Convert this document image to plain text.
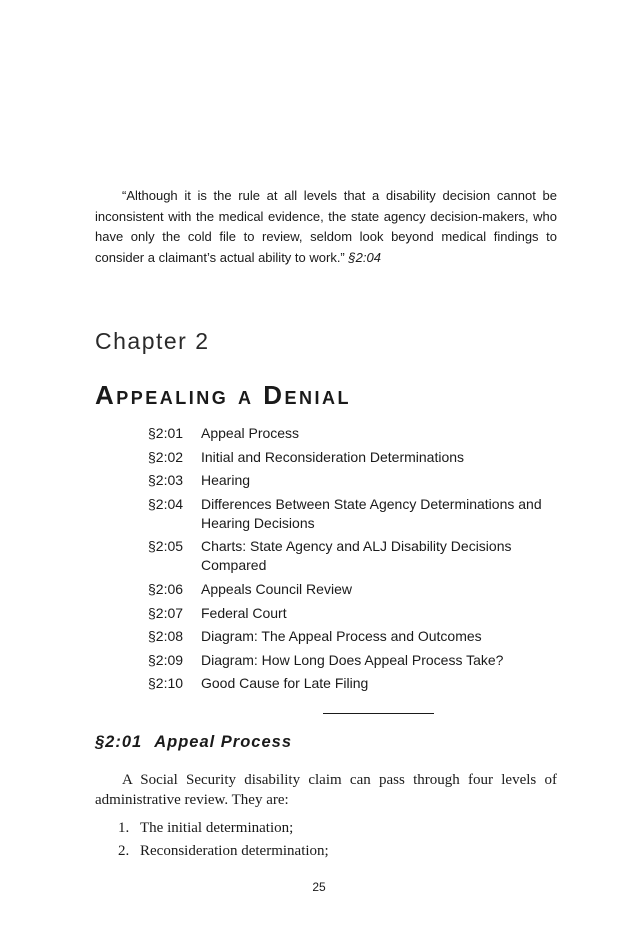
“Although it is the rule at all levels that a disability decision cannot be inconsistent with the medical evidence, the state agency decision-makers, who have only the cold file to review, seldom look beyond medical findings to consider a claimant’s actual ability to work.” §2:04

Chapter 2
Appealing a Denial
§2:01	Appeal Process
§2:02	Initial and Reconsideration Determinations
§2:03	Hearing
§2:04	Differences Between State Agency Determinations and Hearing Decisions
§2:05	Charts: State Agency and ALJ Disability Decisions Compared
§2:06	Appeals Council Review
§2:07	Federal Court
§2:08	Diagram: The Appeal Process and Outcomes
§2:09	Diagram: How Long Does Appeal Process Take?
§2:10	Good Cause for Late Filing
§2:01 Appeal Process

A Social Security disability claim can pass through four levels of administrative review. They are:

1. The initial determination;
2. Reconsideration determination;
25
